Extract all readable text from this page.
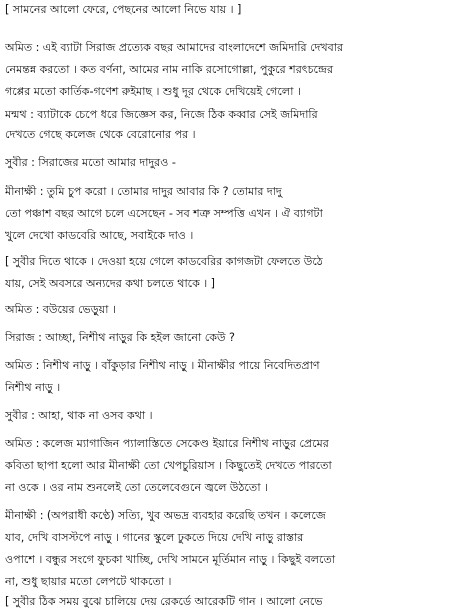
[ সামনের আলো ফেরে, পেছনের আলো নিভে যায় । ]
অমিত : এই ব্যাটা সিরাজ প্রত্যেক বছর আমাদের বাংলাদেশে জমিদারি দেখবার
নেমন্তন্ন করতো । কত বর্ণনা, আমের নাম নাকি রসোগোল্লা, পুকুরে শরৎচন্দ্রের
গপ্পের মতো কার্তিক-গণেশ রুইমাছ । শুধু দূর থেকে দেখিয়েই গেলো ।
মন্মথ : ব্যাটাকে চেপে ধরে জিজ্ঞেস কর, নিজে ঠিক কব্বার সেই জমিদারি
দেখতে গেছে কলেজ থেকে বেরোনোর পর ।
সুবীর : সিরাজের মতো আমার দাদুরও -
মীনাক্ষী : তুমি চুপ করো । তোমার দাদুর আবার কি ? তোমার দাদু
তো পঞ্চাশ বছর আগে চলে এসেছেন - সব শত্রু সম্পত্তি এখন । ঐ ব্যাগটা
খুলে দেখো কাডবেরি আছে, সবাইকে দাও ।
[ সুবীর দিতে থাকে । দেওয়া হয়ে গেলে কাডবেরির কাগজটা ফেলতে উঠে
যায়, সেই অবসরে অন্যদের কথা চলতে থাকে । ]
অমিত : বউয়ের ভেড়ুয়া ।
সিরাজ : আচ্ছা, নিশীথ নাড়ুর কি হইল জানো কেউ ?
অমিত : নিশীথ নাড়ু । বাঁকুড়ার নিশীথ নাড়ু । মীনাক্ষীর পায়ে নিবেদিতপ্রাণ
নিশীথ নাড়ু ।
সুবীর : আহা, থাক না ওসব কথা ।
অমিত : কলেজ ম্যাগাজিন প্যালাস্তিতে সেকেণ্ড ইয়ারে নিশীথ নাড়ুর প্রেমের
কবিতা ছাপা হলো আর মীনাক্ষী তো খেপচুরিয়াস । কিছুতেই দেখতে পারতো
না ওকে । ওর নাম শুনলেই তো তেলেবেগুনে জ্বলে উঠতো ।
মীনাক্ষী : (অপরাধী কণ্ঠে) সত্যি, খুব অভদ্র ব্যবহার করেছি তখন । কলেজে
যাব, দেখি বাসস্টপে নাড়ু । গানের স্কুলে ঢুকতে দিয়ে দেখি নাড়ু রাস্তার
ওপাশে । বন্ধুর সংগে ফুচকা খাচ্ছি, দেখি সামনে মূর্তিমান নাড়ু । কিছুই বলতো
না, শুধু ছায়ার মতো লেপটে থাকতো ।
[ সুবীর ঠিক সময় বুঝে চালিয়ে দেয় রেকর্ডে আরেকটি গান । আলো নেভে
